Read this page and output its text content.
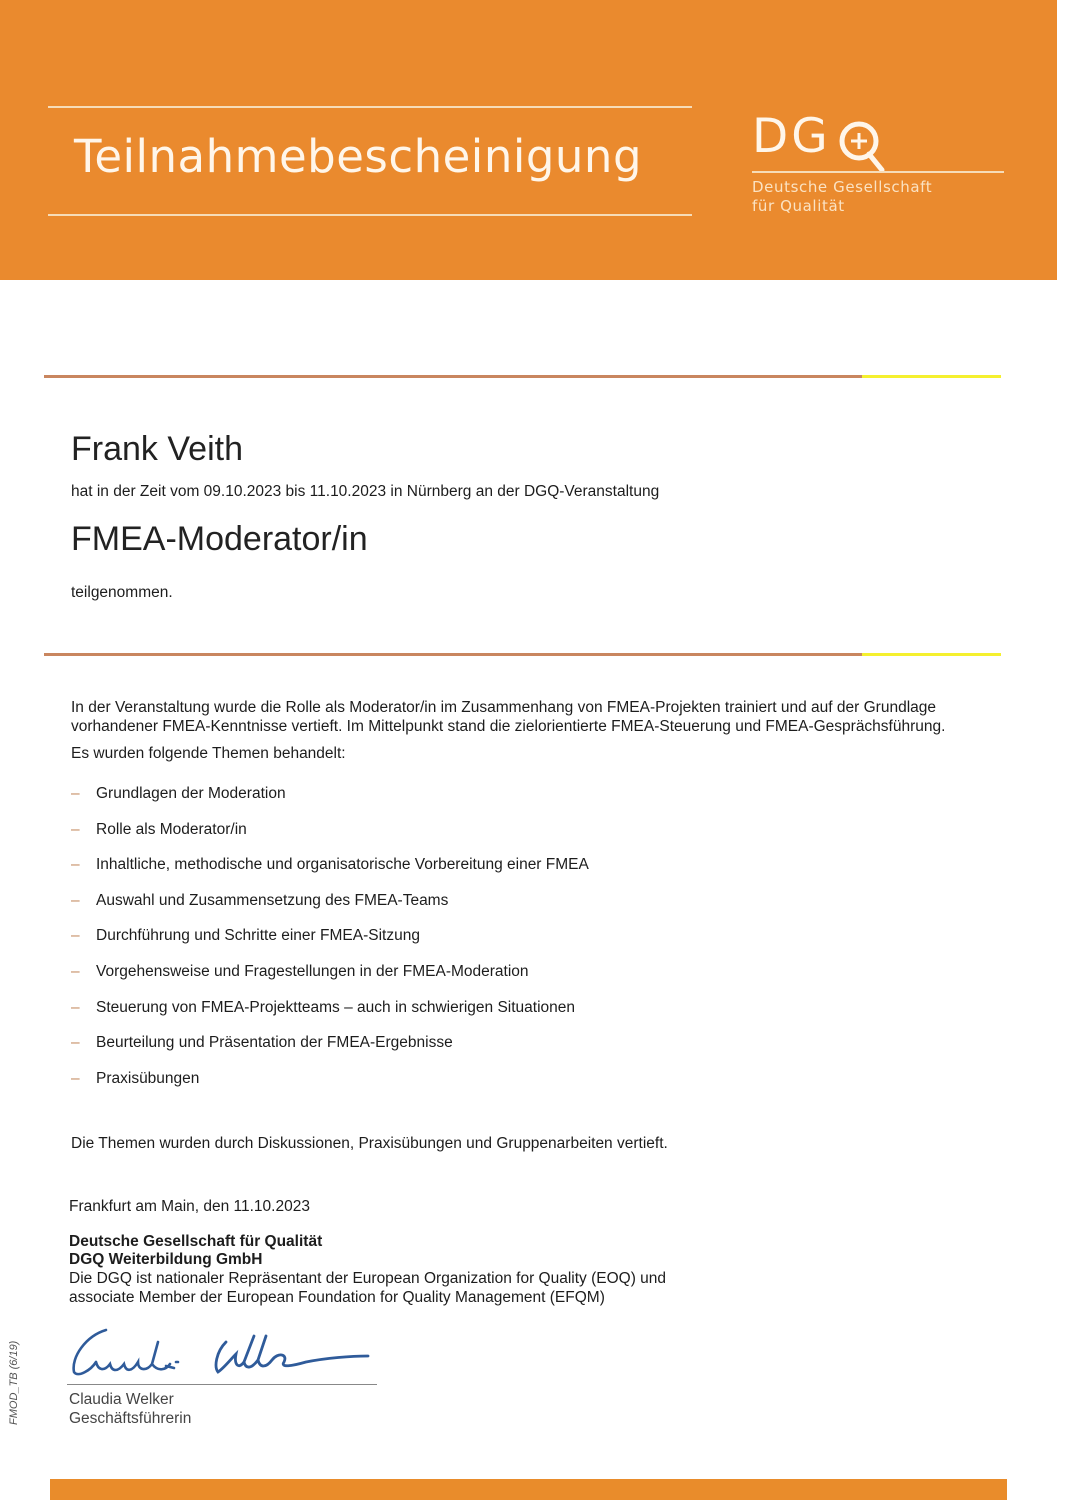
Teilnahmebescheinigung DG
Deutsche Gesellschaft
für Qualität
Frank Veith
hat in der Zeit vom 09.10.2023 bis 11.10.2023 in Nürnberg an der DGQ-Veranstaltung
FMEA-Moderator/in
teilgenommen.
In der Veranstaltung wurde die Rolle als Moderator/in im Zusammenhang von FMEA-Projekten trainiert und auf der Grundlage
vorhandener FMEA-Kenntnisse vertieft. Im Mittelpunkt stand die zielorientierte FMEA-Steuerung und FMEA-Gesprächsführung.
Es wurden folgende Themen behandelt:
– Grundlagen der Moderation
– Rolle als Moderator/in
– Inhaltliche, methodische und organisatorische Vorbereitung einer FMEA
– Auswahl und Zusammensetzung des FMEA-Teams
– Durchführung und Schritte einer FMEA-Sitzung
– Vorgehensweise und Fragestellungen in der FMEA-Moderation
– Steuerung von FMEA-Projektteams – auch in schwierigen Situationen
– Beurteilung und Präsentation der FMEA-Ergebnisse
– Praxisübungen
Die Themen wurden durch Diskussionen, Praxisübungen und Gruppenarbeiten vertieft.
Frankfurt am Main, den 11.10.2023
Deutsche Gesellschaft für Qualität
DGQ Weiterbildung GmbH
Die DGQ ist nationaler Repräsentant der European Organization for Quality (EOQ) und
associate Member der European Foundation for Quality Management (EFQM)
Claudia Welker
Geschäftsführerin
FMOD_TB (6/19)
